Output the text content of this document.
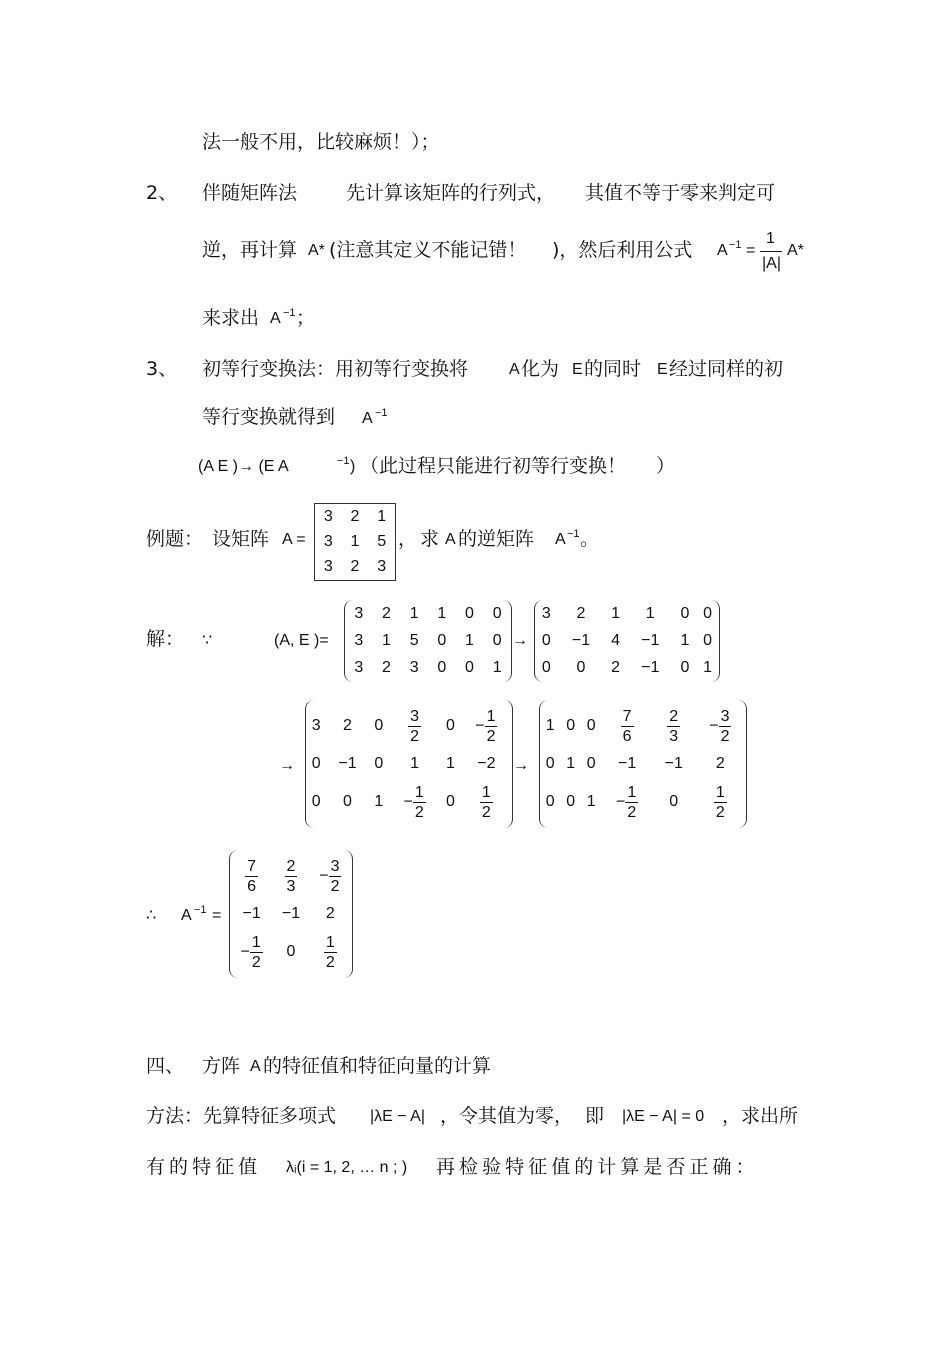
法一般不用，比较麻烦！）；
2、 伴随矩阵法	先计算该矩阵的行列式， 其值不等于零来判定可
逆，再计算 A* (注意其定义不能记错！ )，然后利用公式 A −1 =
1
|A|
A*
来求出 A −1 ；
3、 初等行变换法：用初等行变换将	A 化为 E 的同时 E 经过同样的初
等行变换就得到 A −1
(A E )→ (E A	−1 ) （此过程只能进行初等行变换！ ）
例题： 设矩阵 A =
3	2	1
3	1	5
3	2	3
， 求 A 的逆矩阵 A −1 。
解： ∵	(A, E )=
3	2	1	1	0	0
3	1	5	0	1	0
3	2	3	0	0	1
→
3	2	1	1	0	0
0	−1	4	−1	1	0
0	0	2	−1	0	1
→
3	2	0	$\frac{3}{2}$	0	− $\frac{1}{2}$

0	−1	0	1	1	−2
0	0	1	− $\frac{1}{2}$	0	$\frac{1}{2}$
→
1	0	0	$\frac{7}{6}$	$\frac{2}{3}$	− $\frac{3}{2}$

0	1	0	−1	−1	2
0	0	1	− $\frac{1}{2}$	0	$\frac{1}{2}$
∴ A −1 =
$\frac{7}{6}$	$\frac{2}{3}$	− $\frac{3}{2}$

−1	−1	2
− $\frac{1}{2}$	0	$\frac{1}{2}$
四、 方阵 A 的特征值和特征向量的计算
方法：先算特征多项式 |λE − A| ，令其值为零， 即 |λE − A| = 0 ，求出所
有 的 特 征 值 λᵢ(i = 1, 2, … n ; ) 再 检 验 特 征 值 的 计 算 是 否 正 确 ：
